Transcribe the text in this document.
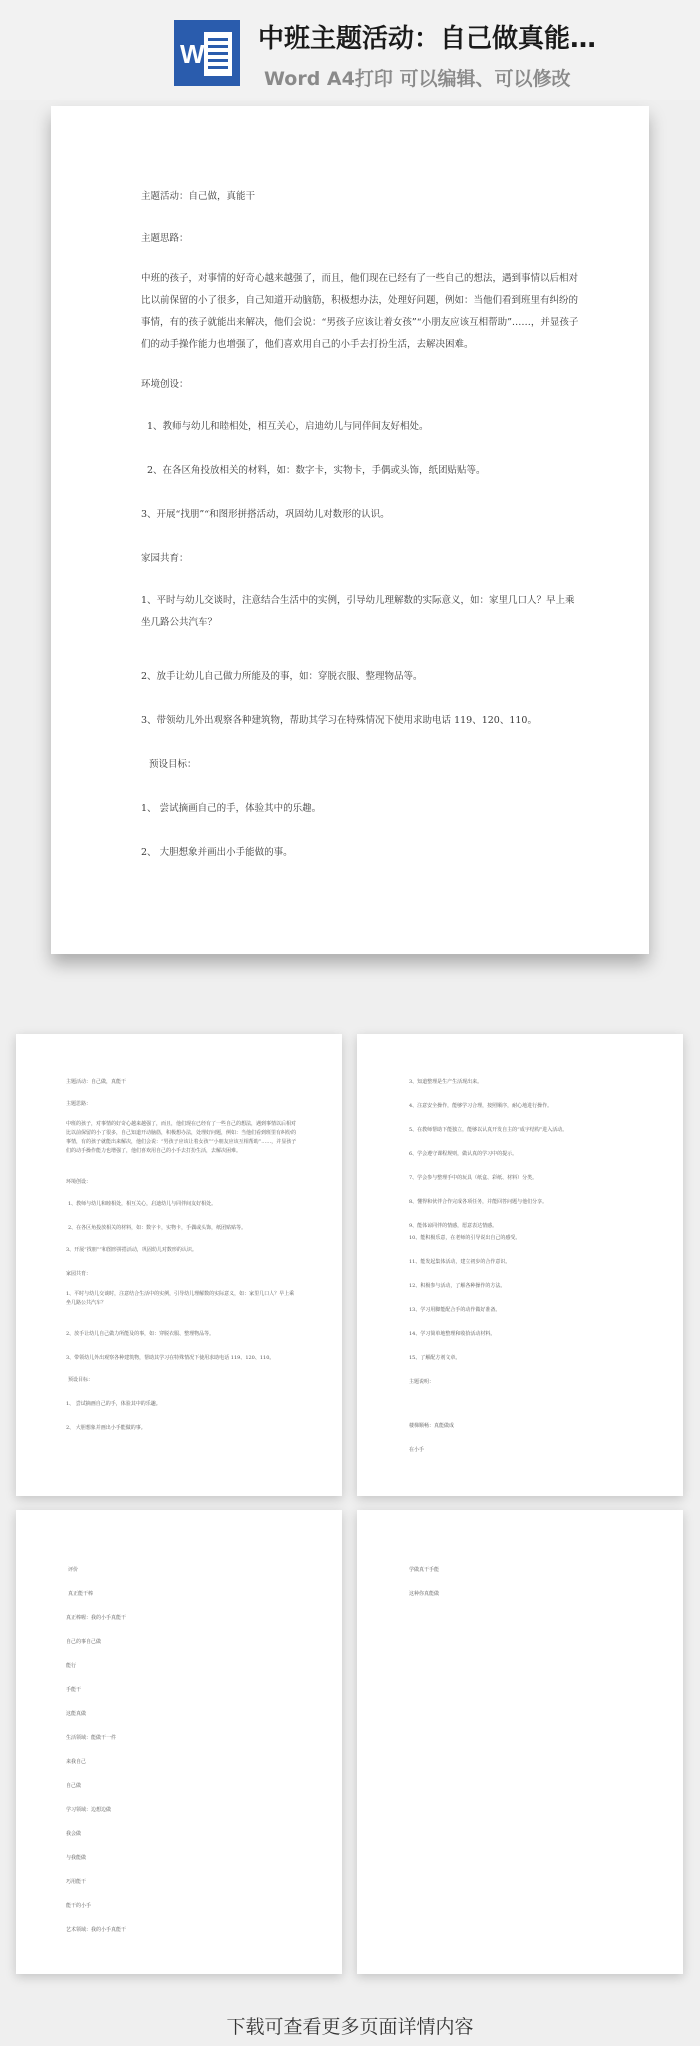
W 中班主题活动：自己做真能…
Word A4打印 可以编辑、可以修改
主题活动：自己做，真能干
主题思路：
中班的孩子，对事情的好奇心越来越强了，而且，他们现在已经有了一些自己的想法，遇到事情以后相对比以前保留的小了很多，自己知道开动脑筋，积极想办法，处理好问题，例如：当他们看到班里有纠纷的事情，有的孩子就能出来解决，他们会说：“男孩子应该让着女孩”“小朋友应该互相帮助”……，并显孩子们的动手操作能力也增强了，他们喜欢用自己的小手去打扮生活，去解决困难。
环境创设：
1、教师与幼儿和睦相处，相互关心，启迪幼儿与同伴间友好相处。
2、在各区角投放相关的材料，如：数字卡，实物卡，手偶或头饰，纸团贴贴等。
3、开展“找朋”“和图形拼搭活动，巩固幼儿对数形的认识。
家园共育：
1、平时与幼儿交谈时，注意结合生活中的实例，引导幼儿理解数的实际意义，如：家里几口人？早上乘坐几路公共汽车？
2、放手让幼儿自己做力所能及的事，如：穿脱衣服、整理物品等。
3、带领幼儿外出观察各种建筑物，帮助其学习在特殊情况下使用求助电话 119、120、110。
预设目标：
1、 尝试摘画自己的手，体验其中的乐趣。
2、 大胆想象并画出小手能做的事。
主题活动：自己做，真能干
主题思路：
中班的孩子，对事情的好奇心越来越强了，而且，他们现在已经有了一些自己的想法，遇到事情以后相对比以前保留的小了很多，自己知道开动脑筋，积极想办法，处理好问题，例如：当他们看到班里有纠纷的事情，有的孩子就能出来解决，他们会说：“男孩子应该让着女孩”“小朋友应该互相帮助”……，并显孩子们的动手操作能力也增强了，他们喜欢用自己的小手去打扮生活，去解决困难。
环境创设：
1、教师与幼儿和睦相处，相互关心，启迪幼儿与同伴间友好相处。
2、在各区角投放相关的材料，如：数字卡，实物卡，手偶或头饰，纸团贴贴等。
3、开展“找朋”“和图形拼搭活动，巩固幼儿对数形的认识。
家园共育：
1、平时与幼儿交谈时，注意结合生活中的实例，引导幼儿理解数的实际意义，如：家里几口人？早上乘坐几路公共汽车？
2、放手让幼儿自己做力所能及的事，如：穿脱衣服、整理物品等。
3、带领幼儿外出观察各种建筑物，帮助其学习在特殊情况下使用求助电话 119、120、110。
预设目标：
1、 尝试摘画自己的手，体验其中的乐趣。
2、 大胆想象并画出小手能做的事。
3、知道整理是生产生活现出来。
4、注意安全操作，能够学习合理，按照顺序，耐心地进行操作。
5、在教师帮助下能独立，能够以认真开发自主的“成字结构”进入活动。
6、学会遵守课程规则，做认真的学习中的提示。
7、学会参与整理手中的玩具（纸盒、彩纸、材料）分类。
8、懂得和伙伴合作完成各项任务，并能回答问题与他们分享。
9、能体谅同伴的情感，愿意表达情感。
10、能积极乐意，在老师的引导说出自己的感受。
11、能发起集体活动，建立初步的合作意识。
12、积极参与活动，了解各种操作的方法。
13、学习用脚能配合手的动作做好准备。
14、学习简单地整理和收拾活动材料。
15、了解配方剂文章。
主题说明：
楼梯顺畅：真能做成
在小手
评价
真正能干棒
真正棒喔：我的小手真能干
自己的事自己做
能行
手能干
这能真做
生活领域：能做干一件
来我自己
自己做
学习领域：边想边做
我会做
与我能做
巧用能干
能干的小手
艺术领域：我的小手真能干
学做真干手能
这种你真能做
下载可查看更多页面详情内容
